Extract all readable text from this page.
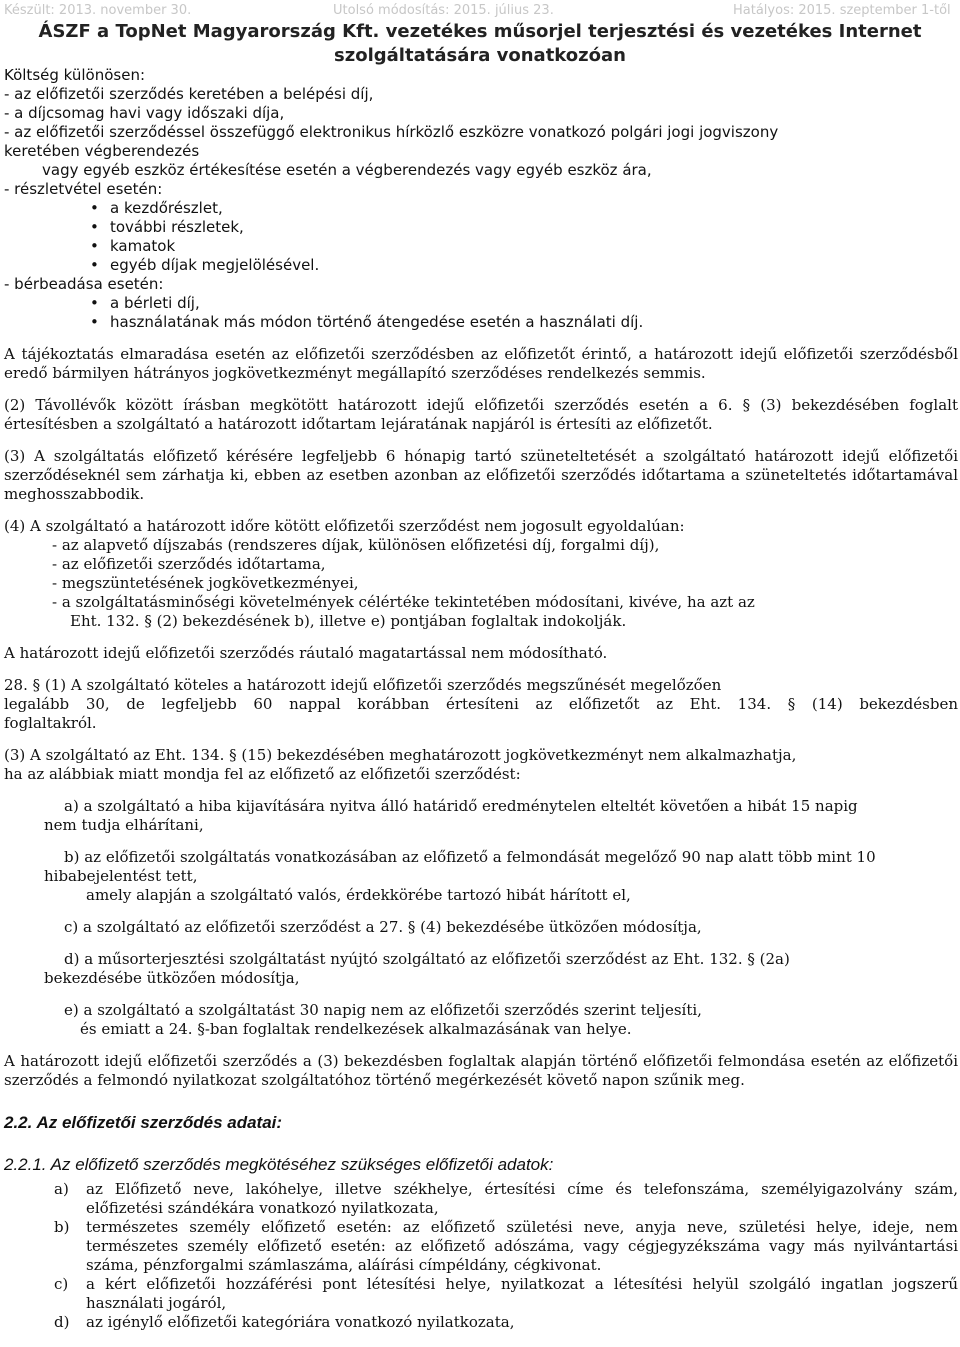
Készült: 2013. november 30.	Utolsó módosítás: 2015. július 23.	Hatályos: 2015. szeptember 1-től
ÁSZF a TopNet Magyarország Kft. vezetékes műsorjel terjesztési és vezetékes Internet
szolgáltatására vonatkozóan
Költség különösen:
- az előfizetői szerződés keretében a belépési díj,
- a díjcsomag havi vagy időszaki díja,
- az előfizetői szerződéssel összefüggő elektronikus hírközlő eszközre vonatkozó polgári jogi jogviszony
keretében végberendezés
vagy egyéb eszköz értékesítése esetén a végberendezés vagy egyéb eszköz ára,
- részletvétel esetén:
• a kezdőrészlet,
• további részletek,
• kamatok
• egyéb díjak megjelölésével.
- bérbeadása esetén:
• a bérleti díj,
• használatának más módon történő átengedése esetén a használati díj.
A tájékoztatás elmaradása esetén az előfizetői szerződésben az előfizetőt érintő, a határozott idejű előfizetői szerződésből eredő bármilyen hátrányos jogkövetkezményt megállapító szerződéses rendelkezés semmis.
(2) Távollévők között írásban megkötött határozott idejű előfizetői szerződés esetén a 6. § (3) bekezdésében foglalt értesítésben a szolgáltató a határozott időtartam lejáratának napjáról is értesíti az előfizetőt.
(3) A szolgáltatás előfizető kérésére legfeljebb 6 hónapig tartó szüneteltetését a szolgáltató határozott idejű előfizetői szerződéseknél sem zárhatja ki, ebben az esetben azonban az előfizetői szerződés időtartama a szüneteltetés időtartamával meghosszabbodik.
(4) A szolgáltató a határozott időre kötött előfizetői szerződést nem jogosult egyoldalúan:
- az alapvető díjszabás (rendszeres díjak, különösen előfizetési díj, forgalmi díj),
- az előfizetői szerződés időtartama,
- megszüntetésének jogkövetkezményei,
- a szolgáltatásminőségi követelmények célértéke tekintetében módosítani, kivéve, ha azt az
Eht. 132. § (2) bekezdésének b), illetve e) pontjában foglaltak indokolják.
A határozott idejű előfizetői szerződés ráutaló magatartással nem módosítható.
28. § (1) A szolgáltató köteles a határozott idejű előfizetői szerződés megszűnését megelőzően
legalább 30, de legfeljebb 60 nappal korábban értesíteni az előfizetőt az Eht. 134. § (14) bekezdésben
foglaltakról.
(3) A szolgáltató az Eht. 134. § (15) bekezdésében meghatározott jogkövetkezményt nem alkalmazhatja,
ha az alábbiak miatt mondja fel az előfizető az előfizetői szerződést:
a) a szolgáltató a hiba kijavítására nyitva álló határidő eredménytelen elteltét követően a hibát 15 napig
nem tudja elhárítani,
b) az előfizetői szolgáltatás vonatkozásában az előfizető a felmondását megelőző 90 nap alatt több mint 10
hibabejelentést tett,
amely alapján a szolgáltató valós, érdekkörébe tartozó hibát hárított el,
c) a szolgáltató az előfizetői szerződést a 27. § (4) bekezdésébe ütközően módosítja,
d) a műsorterjesztési szolgáltatást nyújtó szolgáltató az előfizetői szerződést az Eht. 132. § (2a)
bekezdésébe ütközően módosítja,
e) a szolgáltató a szolgáltatást 30 napig nem az előfizetői szerződés szerint teljesíti,
és emiatt a 24. §-ban foglaltak rendelkezések alkalmazásának van helye.
A határozott idejű előfizetői szerződés a (3) bekezdésben foglaltak alapján történő előfizetői felmondása esetén az előfizetői szerződés a felmondó nyilatkozat szolgáltatóhoz történő megérkezését követő napon szűnik meg.
2.2. Az előfizetői szerződés adatai:
2.2.1. Az előfizető szerződés megkötéséhez szükséges előfizetői adatok:
a)	az Előfizető neve, lakóhelye, illetve székhelye, értesítési címe és telefonszáma, személyigazolvány szám, előfizetési szándékára vonatkozó nyilatkozata,
b)	természetes személy előfizető esetén: az előfizető születési neve, anyja neve, születési helye, ideje, nem természetes személy előfizető esetén: az előfizető adószáma, vagy cégjegyzékszáma vagy más nyilvántartási száma, pénzforgalmi számlaszáma, aláírási címpéldány, cégkivonat.
c)	a kért előfizetői hozzáférési pont létesítési helye, nyilatkozat a létesítési helyül szolgáló ingatlan jogszerű használati jogáról,
d)	az igénylő előfizetői kategóriára vonatkozó nyilatkozata,
